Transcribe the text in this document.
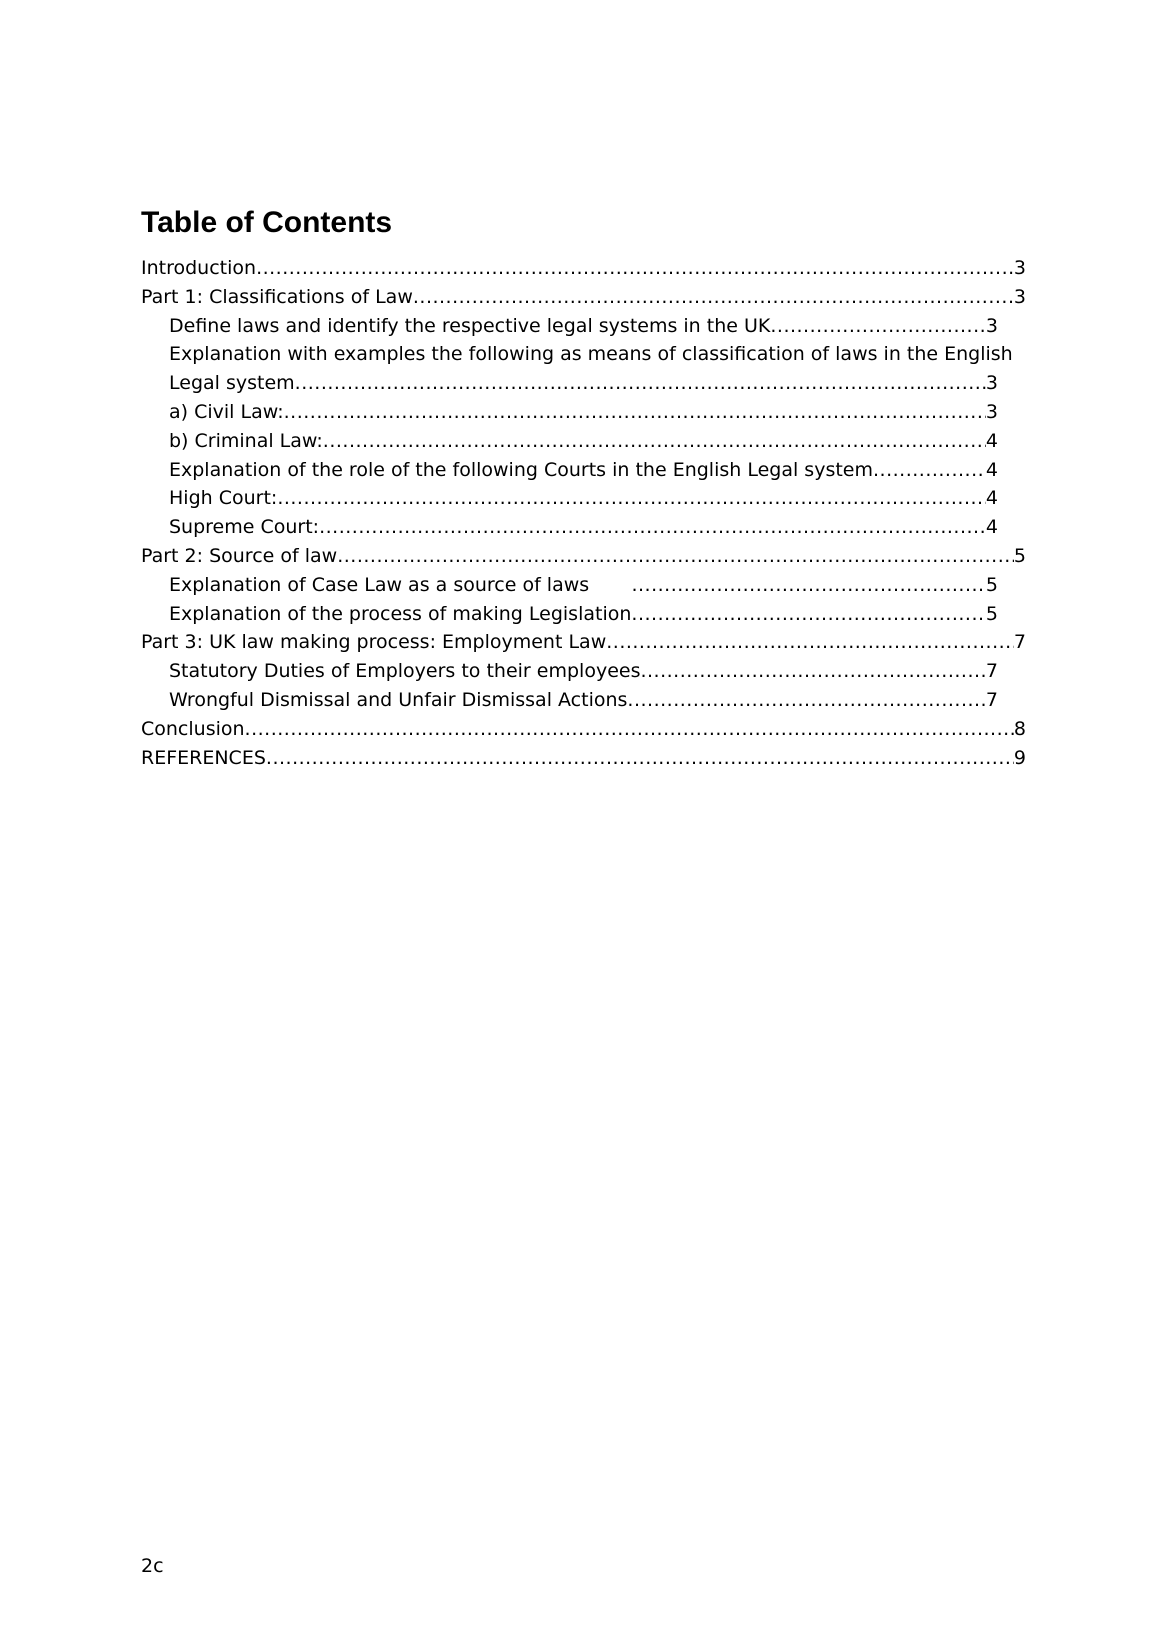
Table of Contents
Introduction .....	3
Part 1: Classifications of Law .....	3
Define laws and identify the respective legal systems in the UK .....	3
Explanation with examples the following as means of classification of laws in the English
Legal system .....	3
a) Civil Law: .....	3
b) Criminal Law: .....	4
Explanation of the role of the following Courts in the English Legal system .....	4
High Court: .....	4
Supreme Court: .....	4
Part 2: Source of law .....	5
Explanation of Case Law as a source of laws .....	5
Explanation of the process of making Legislation .....	5
Part 3: UK law making process: Employment Law .....	7
Statutory Duties of Employers to their employees .....	7
Wrongful Dismissal and Unfair Dismissal Actions .....	7
Conclusion .....	8
REFERENCES .....	9
2c
